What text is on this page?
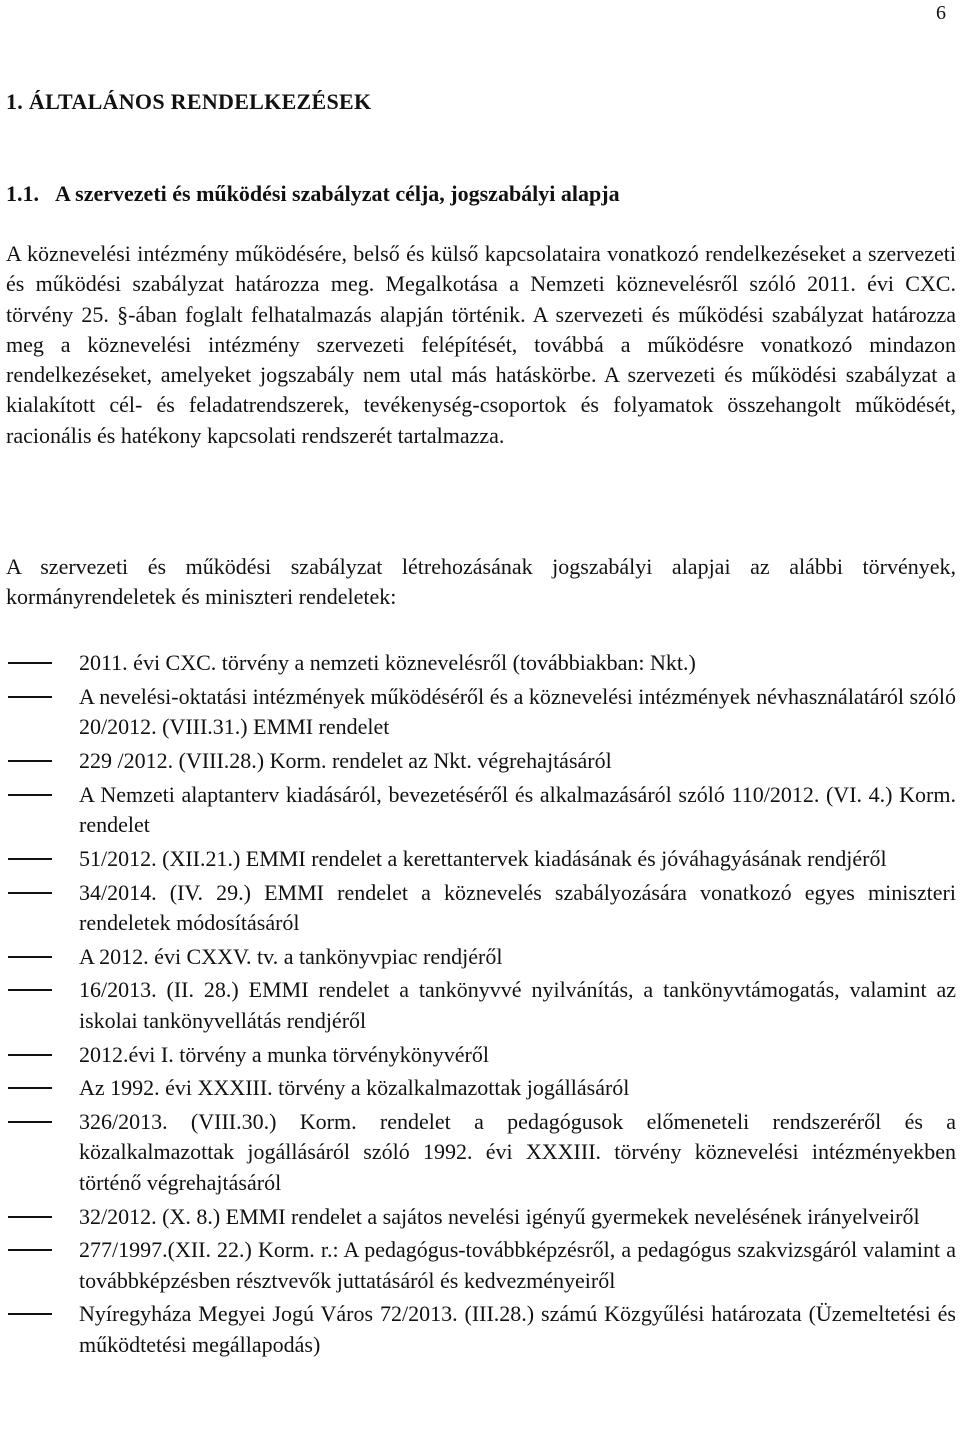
6
1. ÁLTALÁNOS RENDELKEZÉSEK
1.1. A szervezeti és működési szabályzat célja, jogszabályi alapja

A köznevelési intézmény működésére, belső és külső kapcsolataira vonatkozó rendelkezéseket a szervezeti és működési szabályzat határozza meg. Megalkotása a Nemzeti köznevelésről szóló 2011. évi CXC. törvény 25. §-ában foglalt felhatalmazás alapján történik. A szervezeti és működési szabályzat határozza meg a köznevelési intézmény szervezeti felépítését, továbbá a működésre vonatkozó mindazon rendelkezéseket, amelyeket jogszabály nem utal más hatáskörbe. A szervezeti és működési szabályzat a kialakított cél- és feladatrendszerek, tevékenység-csoportok és folyamatok összehangolt működését, racionális és hatékony kapcsolati rendszerét tartalmazza.

A szervezeti és működési szabályzat létrehozásának jogszabályi alapjai az alábbi törvények, kormányrendeletek és miniszteri rendeletek:

2011. évi CXC. törvény a nemzeti köznevelésről (továbbiakban: Nkt.)
A nevelési-oktatási intézmények működéséről és a köznevelési intézmények névhasználatáról szóló 20/2012. (VIII.31.) EMMI rendelet
229 /2012. (VIII.28.) Korm. rendelet az Nkt. végrehajtásáról
A Nemzeti alaptanterv kiadásáról, bevezetéséről és alkalmazásáról szóló 110/2012. (VI. 4.) Korm. rendelet
51/2012. (XII.21.) EMMI rendelet a kerettantervek kiadásának és jóváhagyásának rendjéről
34/2014. (IV. 29.) EMMI rendelet a köznevelés szabályozására vonatkozó egyes miniszteri rendeletek módosításáról
A 2012. évi CXXV. tv. a tankönyvpiac rendjéről
16/2013. (II. 28.) EMMI rendelet a tankönyvvé nyilvánítás, a tankönyvtámogatás, valamint az iskolai tankönyvellátás rendjéről
2012.évi I. törvény a munka törvénykönyvéről
Az 1992. évi XXXIII. törvény a közalkalmazottak jogállásáról
326/2013. (VIII.30.) Korm. rendelet a pedagógusok előmeneteli rendszeréről és a közalkalmazottak jogállásáról szóló 1992. évi XXXIII. törvény köznevelési intézményekben történő végrehajtásáról
32/2012. (X. 8.) EMMI rendelet a sajátos nevelési igényű gyermekek nevelésének irányelveiről
277/1997.(XII. 22.) Korm. r.: A pedagógus-továbbképzésről, a pedagógus szakvizsgáról valamint a továbbképzésben résztvevők juttatásáról és kedvezményeiről
Nyíregyháza Megyei Jogú Város 72/2013. (III.28.) számú Közgyűlési határozata (Üzemeltetési és működtetési megállapodás)
